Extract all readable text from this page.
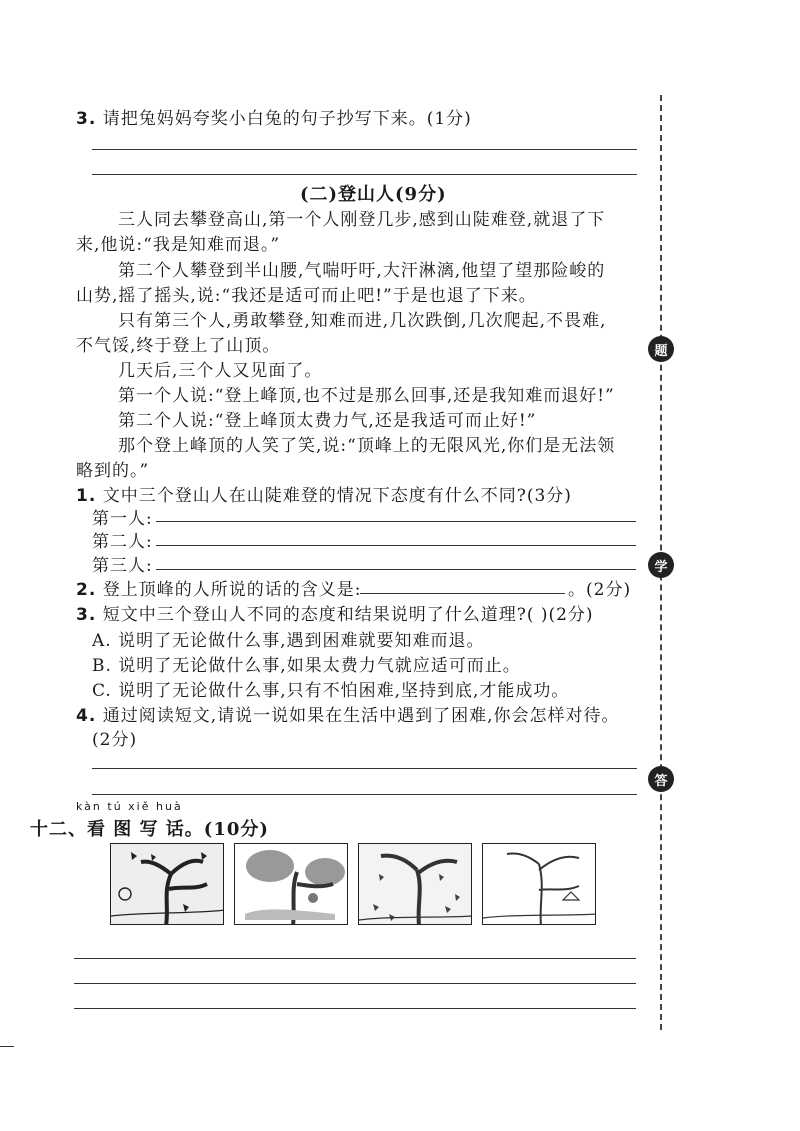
题
学
答
3. 请把兔妈妈夸奖小白兔的句子抄写下来。(1分)
(二)登山人(9分)
三人同去攀登高山,第一个人刚登几步,感到山陡难登,就退了下
来,他说:“我是知难而退。”
第二个人攀登到半山腰,气喘吁吁,大汗淋漓,他望了望那险峻的
山势,摇了摇头,说:“我还是适可而止吧!”于是也退了下来。
只有第三个人,勇敢攀登,知难而进,几次跌倒,几次爬起,不畏难,
不气馁,终于登上了山顶。
几天后,三个人又见面了。
第一个人说:“登上峰顶,也不过是那么回事,还是我知难而退好!”
第二个人说:“登上峰顶太费力气,还是我适可而止好!”
那个登上峰顶的人笑了笑,说:“顶峰上的无限风光,你们是无法领
略到的。”
1. 文中三个登山人在山陡难登的情况下态度有什么不同?(3分)
第一人:
第二人:
第三人:
2. 登上顶峰的人所说的话的含义是:	。(2分)
3. 短文中三个登山人不同的态度和结果说明了什么道理?( )(2分)
A. 说明了无论做什么事,遇到困难就要知难而退。
B. 说明了无论做什么事,如果太费力气就应适可而止。
C. 说明了无论做什么事,只有不怕困难,坚持到底,才能成功。
4. 通过阅读短文,请说一说如果在生活中遇到了困难,你会怎样对待。
(2分)
kàn tú xiě huà
十二、看 图 写 话。(10分)
